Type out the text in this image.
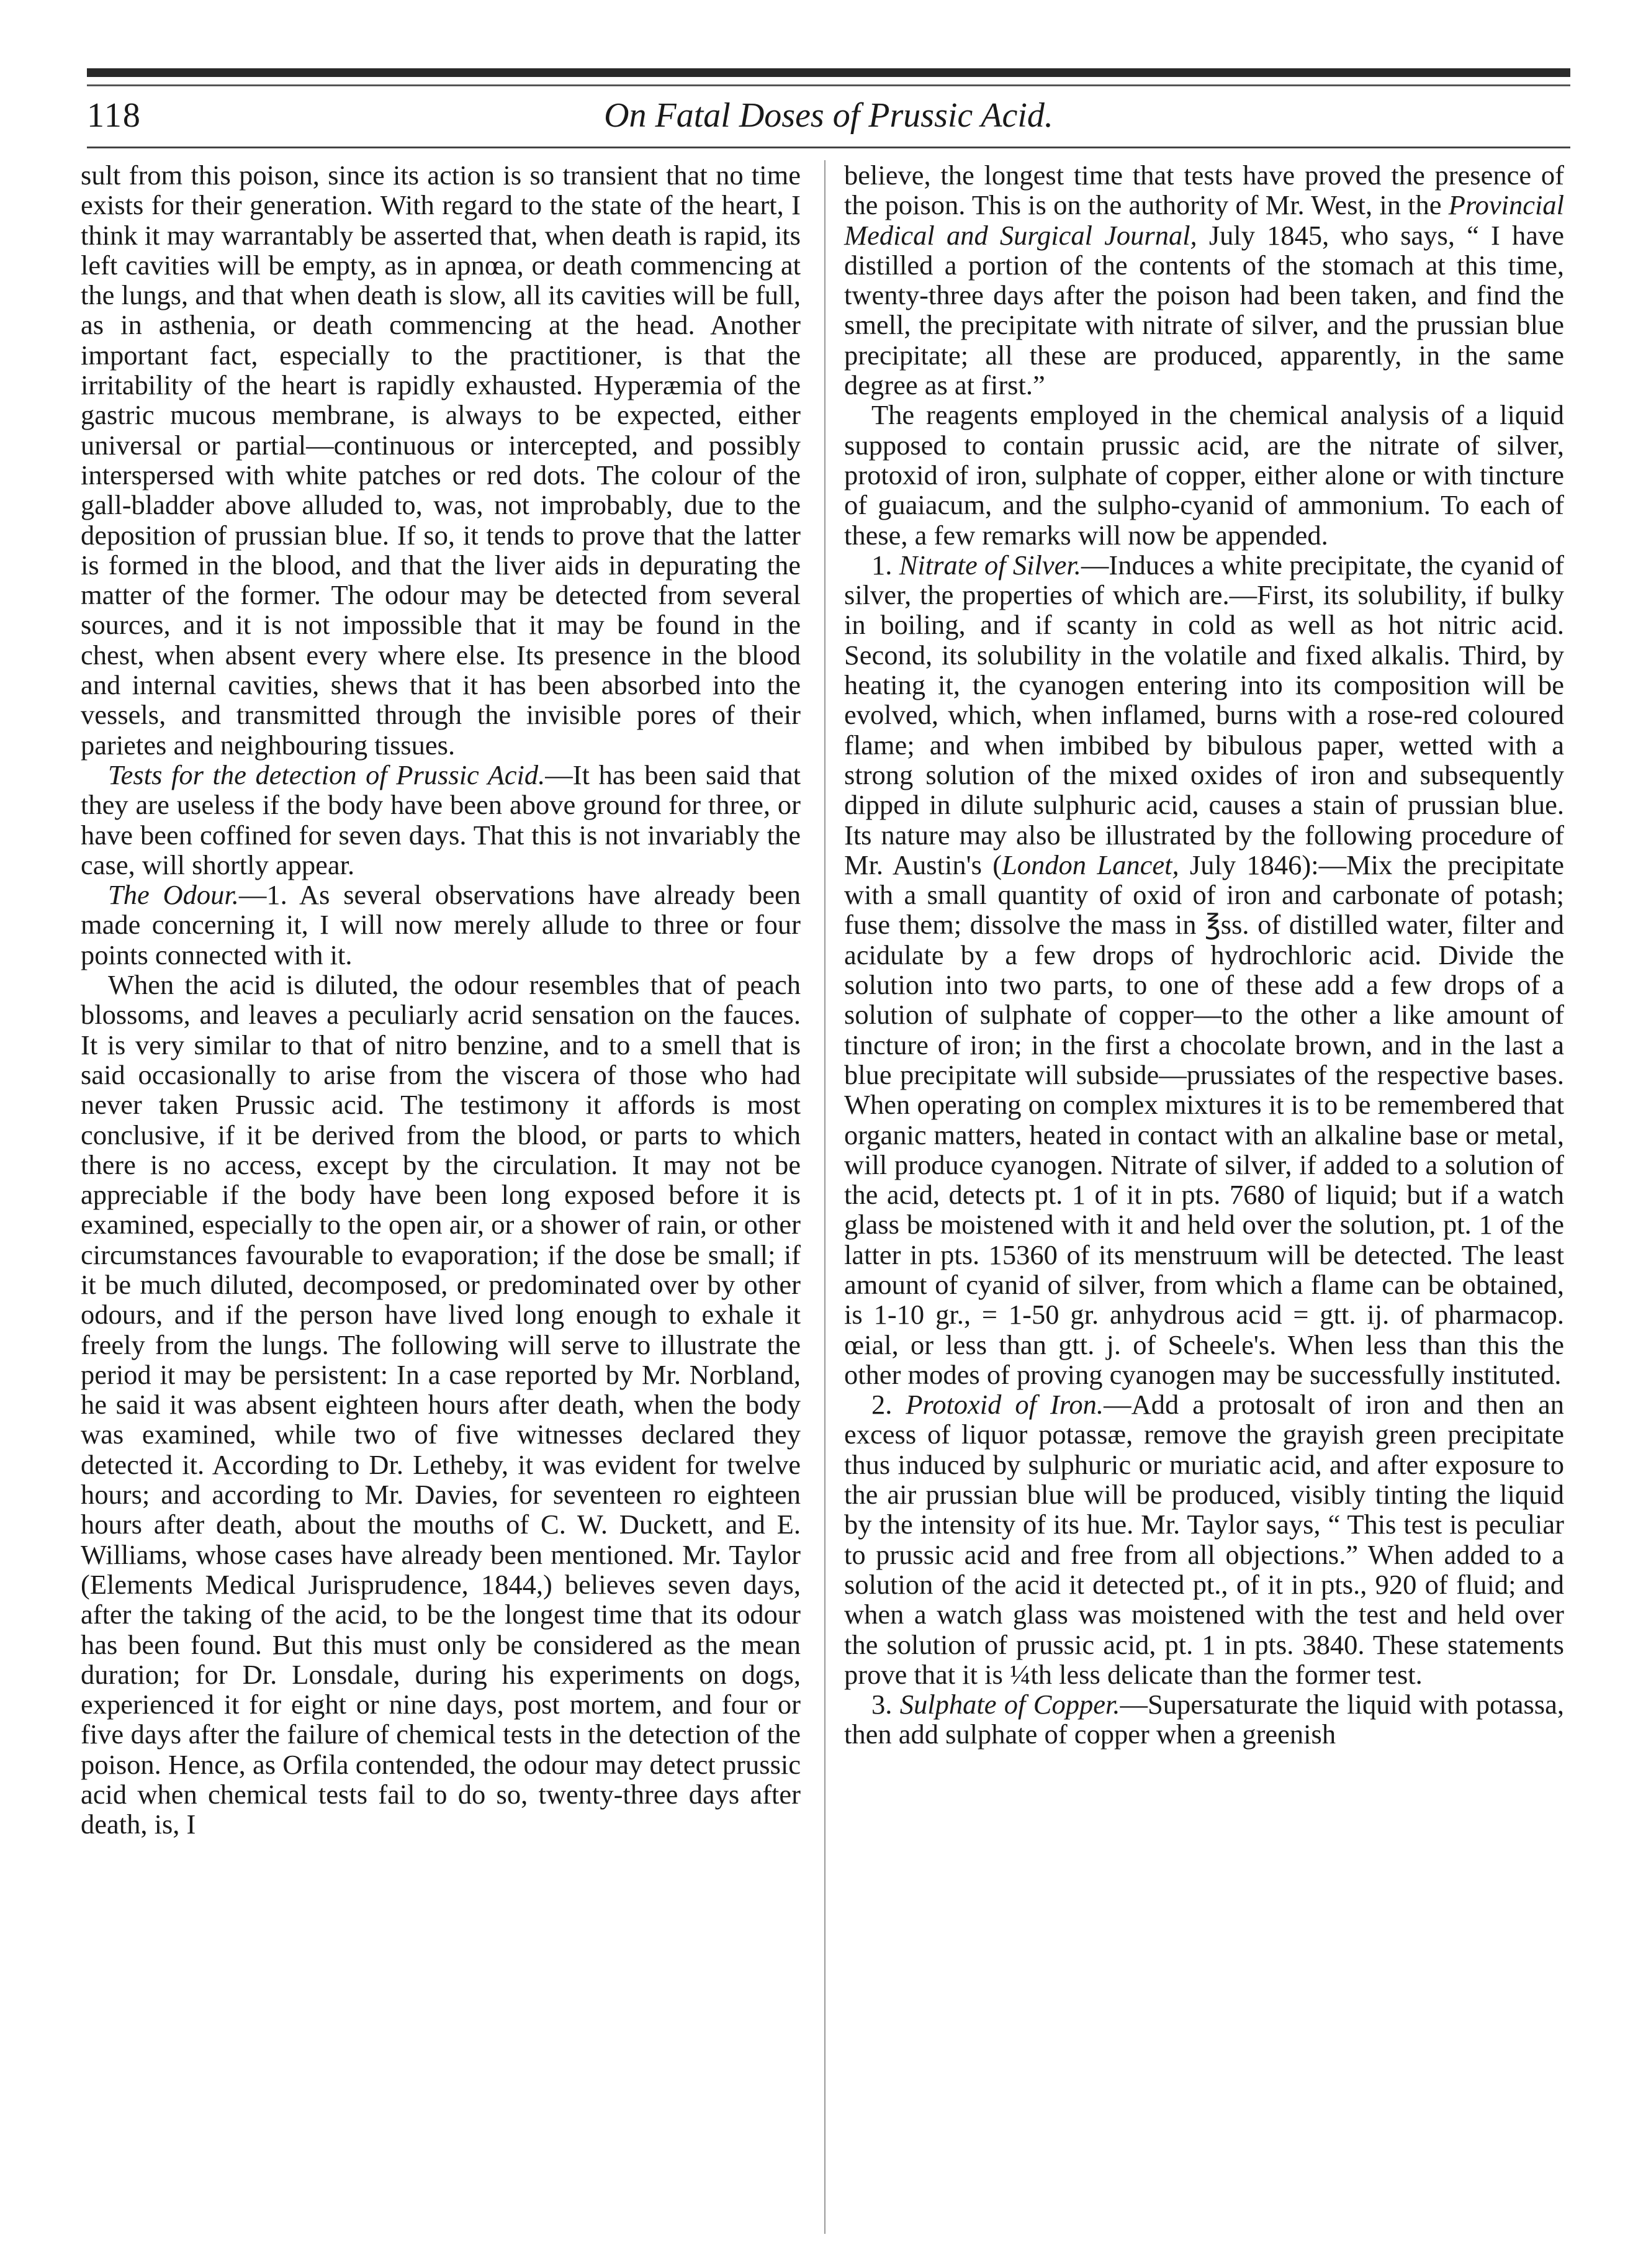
118	On Fatal Doses of Prussic Acid.

sult from this poison, since its action is so transient that no time exists for their generation. With regard to the state of the heart, I think it may warrantably be asserted that, when death is rapid, its left cavities will be empty, as in apnœa, or death commencing at the lungs, and that when death is slow, all its cavities will be full, as in asthenia, or death commencing at the head. Another important fact, especially to the practitioner, is that the irritability of the heart is rapidly exhausted. Hyperæmia of the gastric mucous membrane, is always to be expected, either universal or partial—continuous or intercepted, and possibly interspersed with white patches or red dots. The colour of the gall-bladder above alluded to, was, not improbably, due to the deposition of prussian blue. If so, it tends to prove that the latter is formed in the blood, and that the liver aids in depurating the matter of the former. The odour may be detected from several sources, and it is not impossible that it may be found in the chest, when absent every where else. Its presence in the blood and internal cavities, shews that it has been absorbed into the vessels, and transmitted through the invisible pores of their parietes and neighbouring tissues.

Tests for the detection of Prussic Acid.—It has been said that they are useless if the body have been above ground for three, or have been coffined for seven days. That this is not invariably the case, will shortly appear.

The Odour.—1. As several observations have already been made concerning it, I will now merely allude to three or four points connected with it.

When the acid is diluted, the odour resembles that of peach blossoms, and leaves a peculiarly acrid sensation on the fauces. It is very similar to that of nitro benzine, and to a smell that is said occasionally to arise from the viscera of those who had never taken Prussic acid. The testimony it affords is most conclusive, if it be derived from the blood, or parts to which there is no access, except by the circulation. It may not be appreciable if the body have been long exposed before it is examined, especially to the open air, or a shower of rain, or other circumstances favourable to evaporation; if the dose be small; if it be much diluted, decomposed, or predominated over by other odours, and if the person have lived long enough to exhale it freely from the lungs. The following will serve to illustrate the period it may be persistent: In a case reported by Mr. Norbland, he said it was absent eighteen hours after death, when the body was examined, while two of five witnesses declared they detected it. According to Dr. Letheby, it was evident for twelve hours; and according to Mr. Davies, for seventeen ro eighteen hours after death, about the mouths of C. W. Duckett, and E. Williams, whose cases have already been mentioned. Mr. Taylor (Elements Medical Jurisprudence, 1844,) believes seven days, after the taking of the acid, to be the longest time that its odour has been found. But this must only be considered as the mean duration; for Dr. Lonsdale, during his experiments on dogs, experienced it for eight or nine days, post mortem, and four or five days after the failure of chemical tests in the detection of the poison. Hence, as Orfila contended, the odour may detect prussic acid when chemical tests fail to do so, twenty-three days after death, is, I

believe, the longest time that tests have proved the presence of the poison. This is on the authority of Mr. West, in the Provincial Medical and Surgical Journal, July 1845, who says, “ I have distilled a portion of the contents of the stomach at this time, twenty-three days after the poison had been taken, and find the smell, the precipitate with nitrate of silver, and the prussian blue precipitate; all these are produced, apparently, in the same degree as at first.”

The reagents employed in the chemical analysis of a liquid supposed to contain prussic acid, are the nitrate of silver, protoxid of iron, sulphate of copper, either alone or with tincture of guaiacum, and the sulpho-cyanid of ammonium. To each of these, a few remarks will now be appended.

1. Nitrate of Silver.—Induces a white precipitate, the cyanid of silver, the properties of which are.—First, its solubility, if bulky in boiling, and if scanty in cold as well as hot nitric acid. Second, its solubility in the volatile and fixed alkalis. Third, by heating it, the cyanogen entering into its composition will be evolved, which, when inflamed, burns with a rose-red coloured flame; and when imbibed by bibulous paper, wetted with a strong solution of the mixed oxides of iron and subsequently dipped in dilute sulphuric acid, causes a stain of prussian blue. Its nature may also be illustrated by the following procedure of Mr. Austin's (London Lancet, July 1846):—Mix the precipitate with a small quantity of oxid of iron and carbonate of potash; fuse them; dissolve the mass in ℥ss. of distilled water, filter and acidulate by a few drops of hydrochloric acid. Divide the solution into two parts, to one of these add a few drops of a solution of sulphate of copper—to the other a like amount of tincture of iron; in the first a chocolate brown, and in the last a blue precipitate will subside—prussiates of the respective bases. When operating on complex mixtures it is to be remembered that organic matters, heated in contact with an alkaline base or metal, will produce cyanogen. Nitrate of silver, if added to a solution of the acid, detects pt. 1 of it in pts. 7680 of liquid; but if a watch glass be moistened with it and held over the solution, pt. 1 of the latter in pts. 15360 of its menstruum will be detected. The least amount of cyanid of silver, from which a flame can be obtained, is 1-10 gr., = 1-50 gr. anhydrous acid = gtt. ij. of pharmacop. œial, or less than gtt. j. of Scheele's. When less than this the other modes of proving cyanogen may be successfully instituted.

2. Protoxid of Iron.—Add a protosalt of iron and then an excess of liquor potassæ, remove the grayish green precipitate thus induced by sulphuric or muriatic acid, and after exposure to the air prussian blue will be produced, visibly tinting the liquid by the intensity of its hue. Mr. Taylor says, “ This test is peculiar to prussic acid and free from all objections.” When added to a solution of the acid it detected pt., of it in pts., 920 of fluid; and when a watch glass was moistened with the test and held over the solution of prussic acid, pt. 1 in pts. 3840. These statements prove that it is ¼th less delicate than the former test.

3. Sulphate of Copper.—Supersaturate the liquid with potassa, then add sulphate of copper when a greenish
